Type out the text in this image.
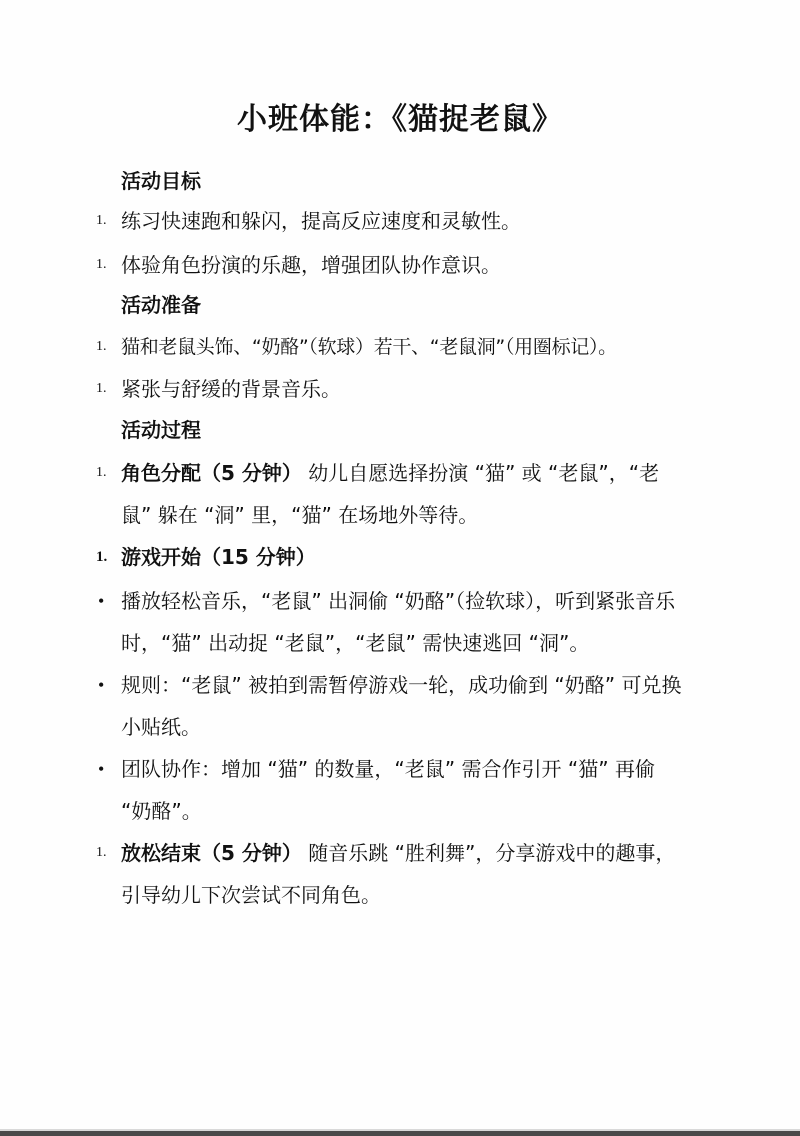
小班体能：《猫捉老鼠》
活动目标
1. 练习快速跑和躲闪，提高反应速度和灵敏性。
1. 体验角色扮演的乐趣，增强团队协作意识。
活动准备
1. 猫和老鼠头饰、“奶酪”（软球）若干、“老鼠洞”（用圈标记）。
1. 紧张与舒缓的背景音乐。
活动过程
1. 角色分配（5 分钟） 幼儿自愿选择扮演 “猫” 或 “老鼠”，“老鼠” 躲在 “洞” 里，“猫” 在场地外等待。
1. 游戏开始（15 分钟）
• 播放轻松音乐，“老鼠” 出洞偷 “奶酪”（捡软球），听到紧张音乐时，“猫” 出动捉 “老鼠”，“老鼠” 需快速逃回 “洞”。
• 规则：“老鼠” 被拍到需暂停游戏一轮，成功偷到 “奶酪” 可兑换小贴纸。
• 团队协作：增加 “猫” 的数量，“老鼠” 需合作引开 “猫” 再偷 “奶酪”。
1. 放松结束（5 分钟） 随音乐跳 “胜利舞”，分享游戏中的趣事，引导幼儿下次尝试不同角色。
